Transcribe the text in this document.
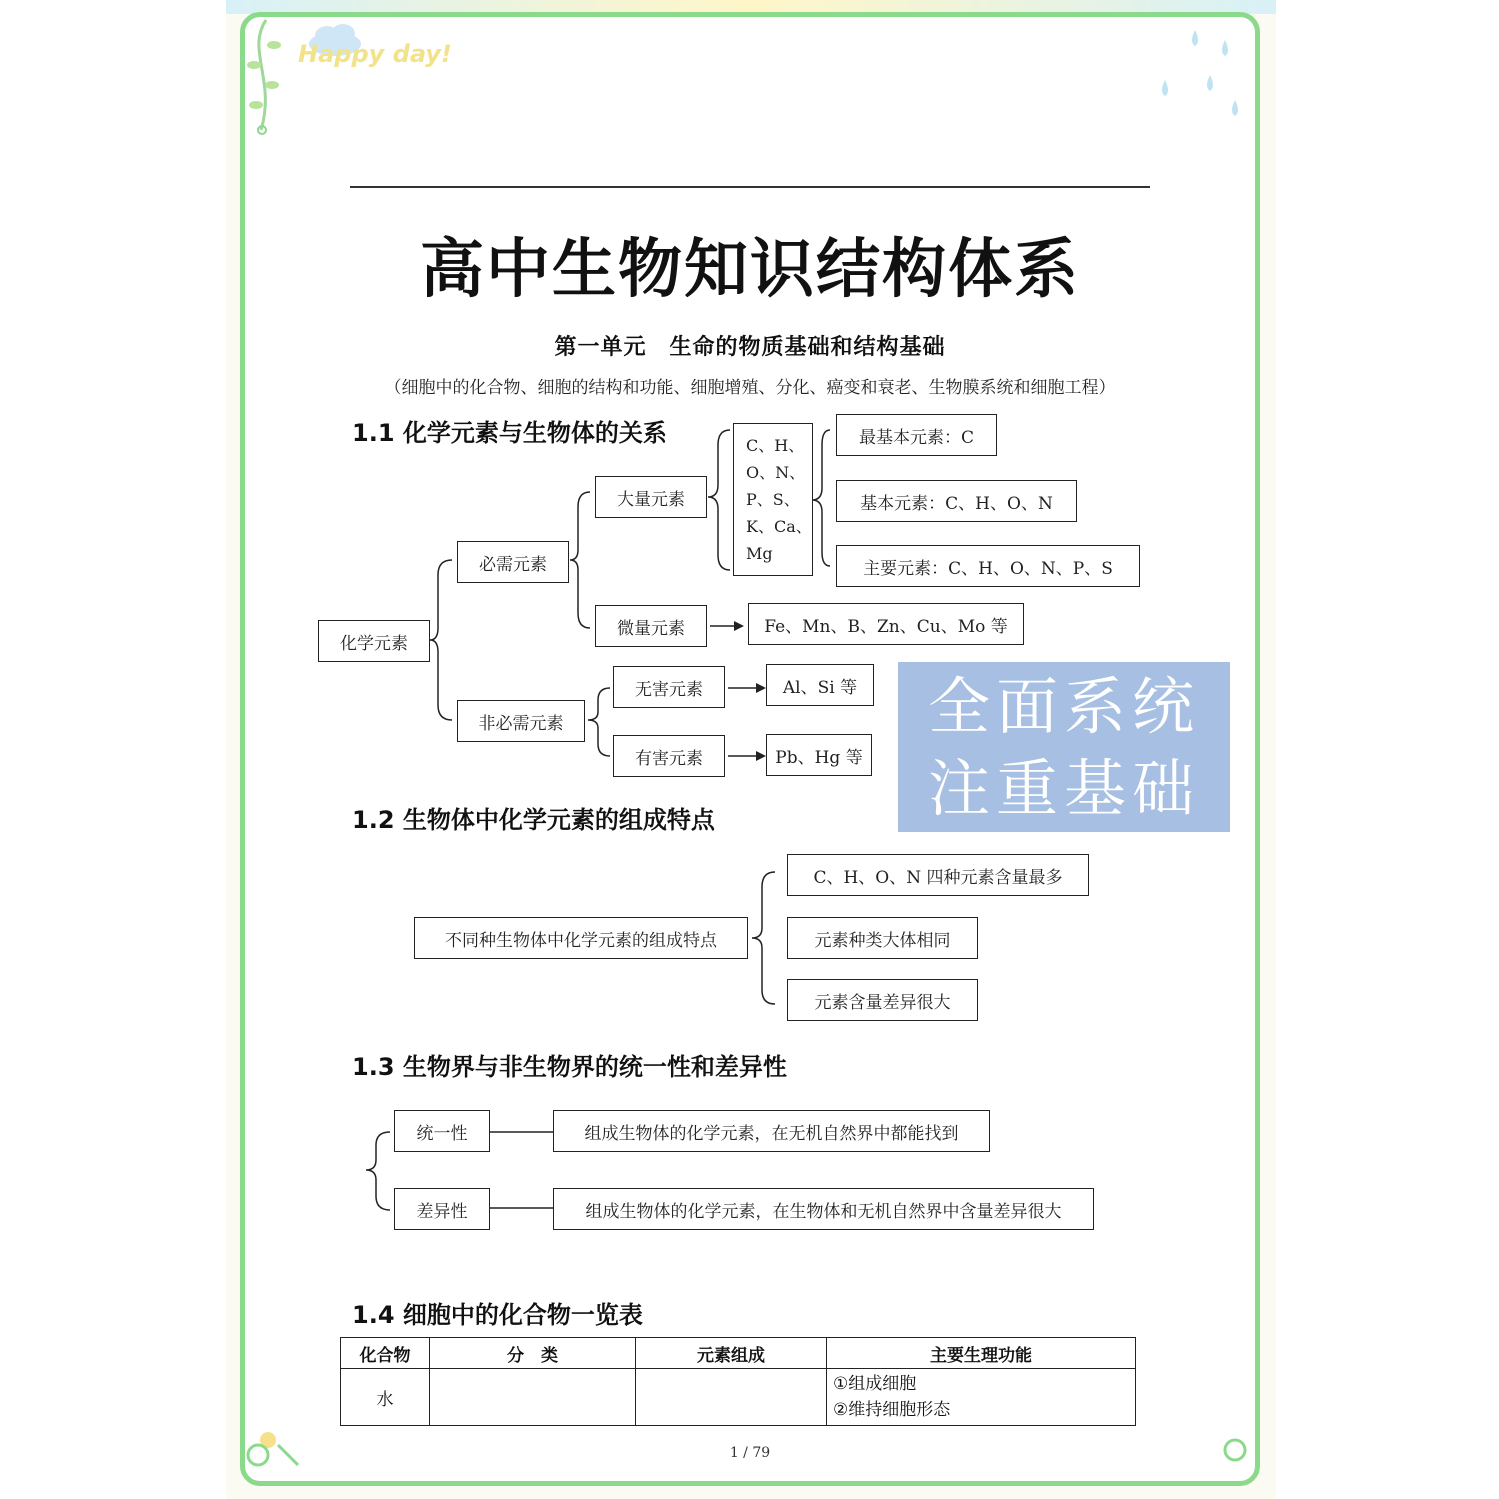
Happy day!
高中生物知识结构体系
第一单元　生命的物质基础和结构基础
（细胞中的化合物、细胞的结构和功能、细胞增殖、分化、癌变和衰老、生物膜系统和细胞工程）
1.1 化学元素与生物体的关系
化学元素
必需元素
非必需元素
大量元素
微量元素
C、H、
O、N、
P、S、
K、Ca、
Mg
最基本元素：C
基本元素：C、H、O、N
主要元素：C、H、O、N、P、S
Fe、Mn、B、Zn、Cu、Mo 等
无害元素	Al、Si 等
有害元素	Pb、Hg 等
全面系统
注重基础
1.2 生物体中化学元素的组成特点
不同种生物体中化学元素的组成特点
C、H、O、N 四种元素含量最多
元素种类大体相同
元素含量差异很大
1.3 生物界与非生物界的统一性和差异性
统一性	组成生物体的化学元素，在无机自然界中都能找到
差异性	组成生物体的化学元素，在生物体和无机自然界中含量差异很大
1.4 细胞中的化合物一览表
化合物	分　类	元素组成	主要生理功能
水			①组成细胞
②维持细胞形态
1 / 79
